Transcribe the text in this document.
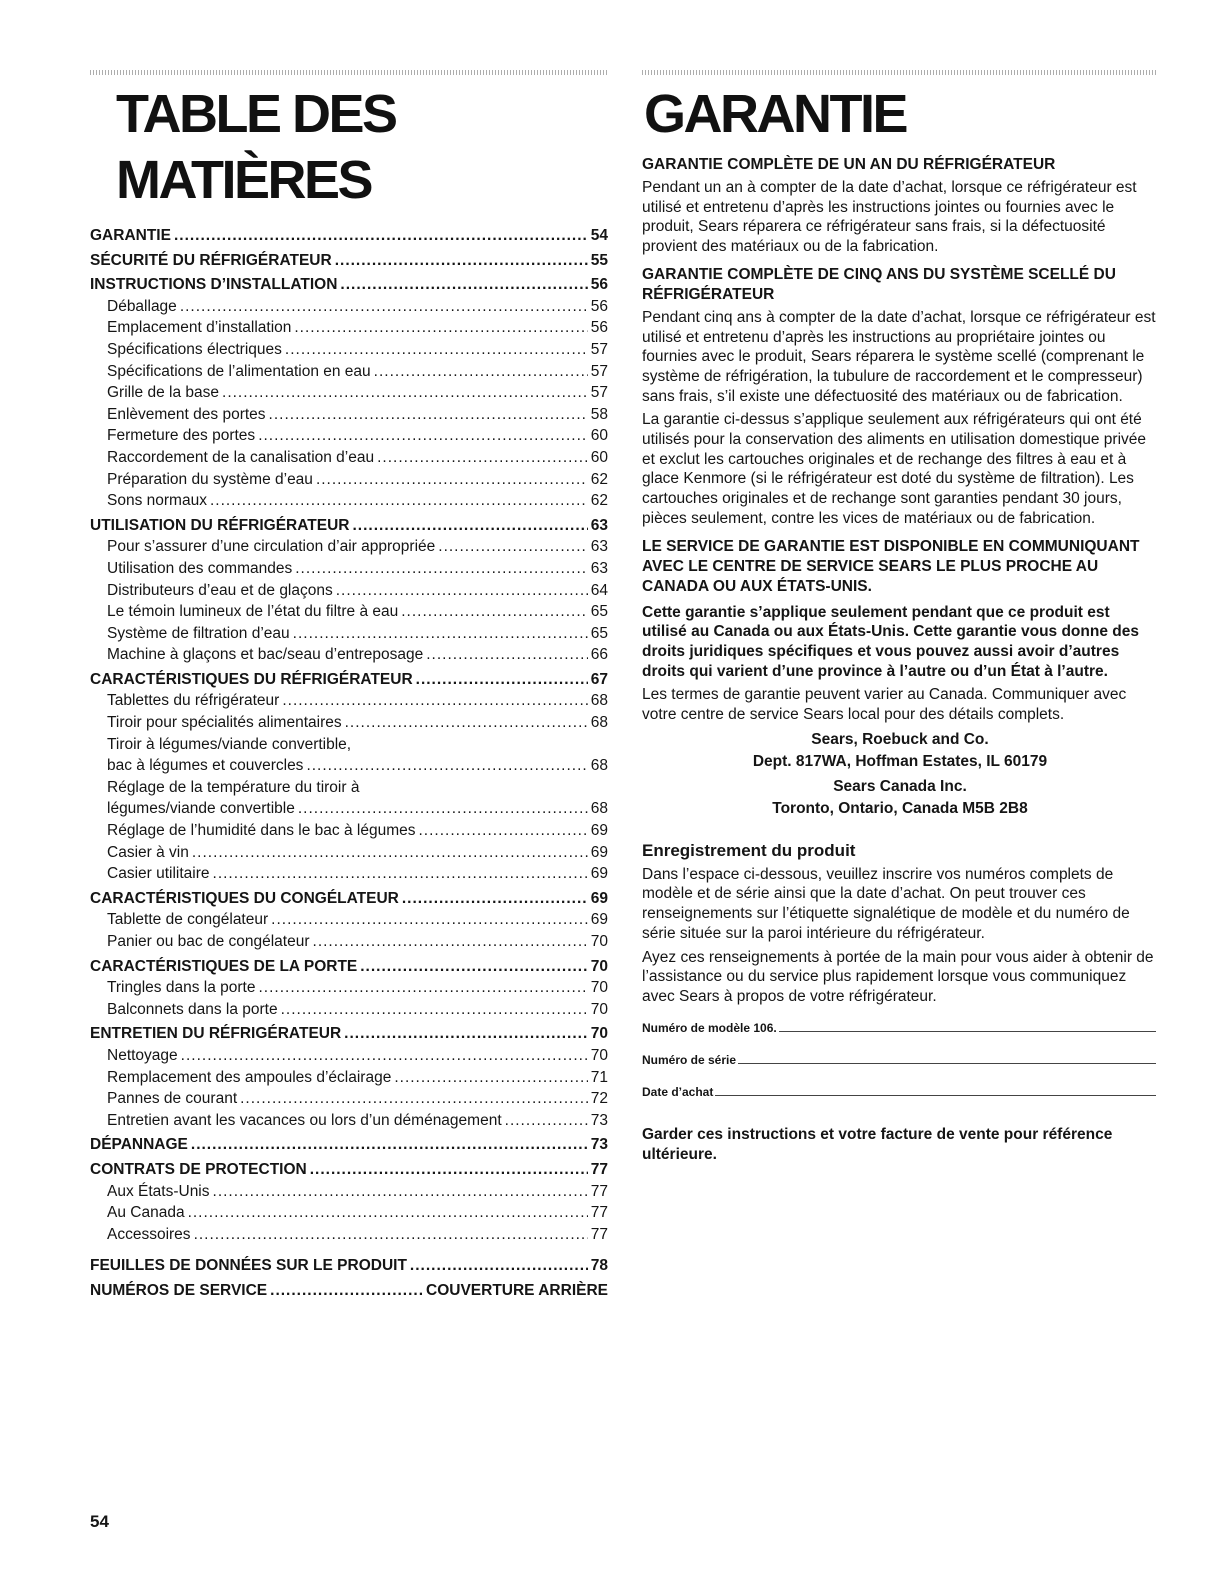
TABLE DES MATIÈRES
GARANTIE .....	54
SÉCURITÉ DU RÉFRIGÉRATEUR .....	55
INSTRUCTIONS D’INSTALLATION .....	56
Déballage .....	56
Emplacement d’installation .....	56
Spécifications électriques .....	57
Spécifications de l’alimentation en eau .....	57
Grille de la base .....	57
Enlèvement des portes .....	58
Fermeture des portes .....	60
Raccordement de la canalisation d’eau .....	60
Préparation du système d’eau .....	62
Sons normaux .....	62
UTILISATION DU RÉFRIGÉRATEUR .....	63
Pour s’assurer d’une circulation d’air appropriée .....	63
Utilisation des commandes .....	63
Distributeurs d’eau et de glaçons .....	64
Le témoin lumineux de l’état du filtre à eau .....	65
Système de filtration d’eau .....	65
Machine à glaçons et bac/seau d’entreposage .....	66
CARACTÉRISTIQUES DU RÉFRIGÉRATEUR .....	67
Tablettes du réfrigérateur .....	68
Tiroir pour spécialités alimentaires .....	68
Tiroir à légumes/viande convertible,
bac à légumes et couvercles .....	68
Réglage de la température du tiroir à
légumes/viande convertible .....	68
Réglage de l’humidité dans le bac à légumes .....	69
Casier à vin .....	69
Casier utilitaire .....	69
CARACTÉRISTIQUES DU CONGÉLATEUR .....	69
Tablette de congélateur .....	69
Panier ou bac de congélateur .....	70
CARACTÉRISTIQUES DE LA PORTE .....	70
Tringles dans la porte .....	70
Balconnets dans la porte .....	70
ENTRETIEN DU RÉFRIGÉRATEUR .....	70
Nettoyage .....	70
Remplacement des ampoules d’éclairage .....	71
Pannes de courant .....	72
Entretien avant les vacances ou lors d’un déménagement .....	73
DÉPANNAGE .....	73
CONTRATS DE PROTECTION .....	77
Aux États-Unis .....	77
Au Canada .....	77
Accessoires .....	77
FEUILLES DE DONNÉES SUR LE PRODUIT .....	78
NUMÉROS DE SERVICE .....	COUVERTURE ARRIÈRE
GARANTIE
GARANTIE COMPLÈTE DE UN AN DU RÉFRIGÉRATEUR

Pendant un an à compter de la date d’achat, lorsque ce réfrigérateur est utilisé et entretenu d’après les instructions jointes ou fournies avec le produit, Sears réparera ce réfrigérateur sans frais, si la défectuosité provient des matériaux ou de la fabrication.

GARANTIE COMPLÈTE DE CINQ ANS DU SYSTÈME SCELLÉ DU RÉFRIGÉRATEUR

Pendant cinq ans à compter de la date d’achat, lorsque ce réfrigérateur est utilisé et entretenu d’après les instructions au propriétaire jointes ou fournies avec le produit, Sears réparera le système scellé (comprenant le système de réfrigération, la tubulure de raccordement et le compresseur) sans frais, s’il existe une défectuosité des matériaux ou de fabrication.

La garantie ci-dessus s’applique seulement aux réfrigérateurs qui ont été utilisés pour la conservation des aliments en utilisation domestique privée et exclut les cartouches originales et de rechange des filtres à eau et à glace Kenmore (si le réfrigérateur est doté du système de filtration). Les cartouches originales et de rechange sont garanties pendant 30 jours, pièces seulement, contre les vices de matériaux ou de fabrication.

LE SERVICE DE GARANTIE EST DISPONIBLE EN COMMUNIQUANT AVEC LE CENTRE DE SERVICE SEARS LE PLUS PROCHE AU CANADA OU AUX ÉTATS-UNIS.

Cette garantie s’applique seulement pendant que ce produit est utilisé au Canada ou aux États-Unis. Cette garantie vous donne des droits juridiques spécifiques et vous pouvez aussi avoir d’autres droits qui varient d’une province à l’autre ou d’un État à l’autre.

Les termes de garantie peuvent varier au Canada. Communiquer avec votre centre de service Sears local pour des détails complets.

Sears, Roebuck and Co.
Dept. 817WA, Hoffman Estates, IL 60179
Sears Canada Inc.
Toronto, Ontario, Canada M5B 2B8
Enregistrement du produit

Dans l’espace ci-dessous, veuillez inscrire vos numéros complets de modèle et de série ainsi que la date d’achat. On peut trouver ces renseignements sur l’étiquette signalétique de modèle et du numéro de série située sur la paroi intérieure du réfrigérateur.

Ayez ces renseignements à portée de la main pour vous aider à obtenir de l’assistance ou du service plus rapidement lorsque vous communiquez avec Sears à propos de votre réfrigérateur.

Numéro de modèle 106.
Numéro de série
Date d’achat
Garder ces instructions et votre facture de vente pour référence ultérieure.
54
